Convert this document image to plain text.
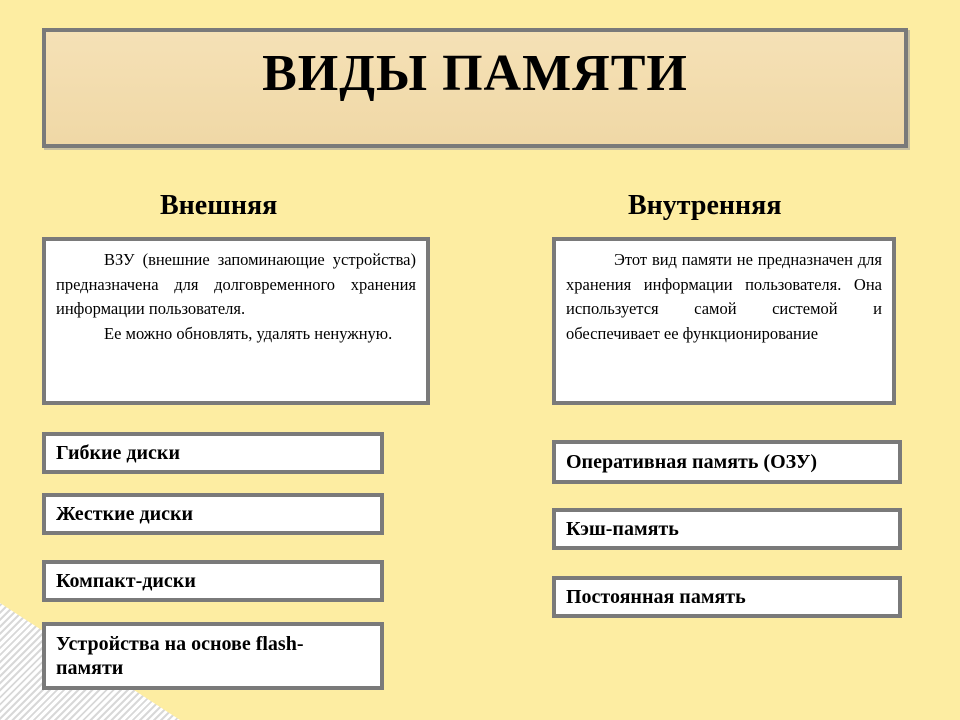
ВИДЫ ПАМЯТИ
Внешняя	Внутренняя

ВЗУ (внешние запоминающие устройства) предназначена для долговременного хранения информации пользователя.

Ее можно обновлять, удалять ненужную.

Этот вид памяти не предназначен для хранения информации пользователя. Она используется самой системой и обеспечивает ее функционирование

Гибкие диски
Жесткие диски
Компакт-диски
Устройства на основе flash-памяти
Оперативная память (ОЗУ)
Кэш-память
Постоянная память
